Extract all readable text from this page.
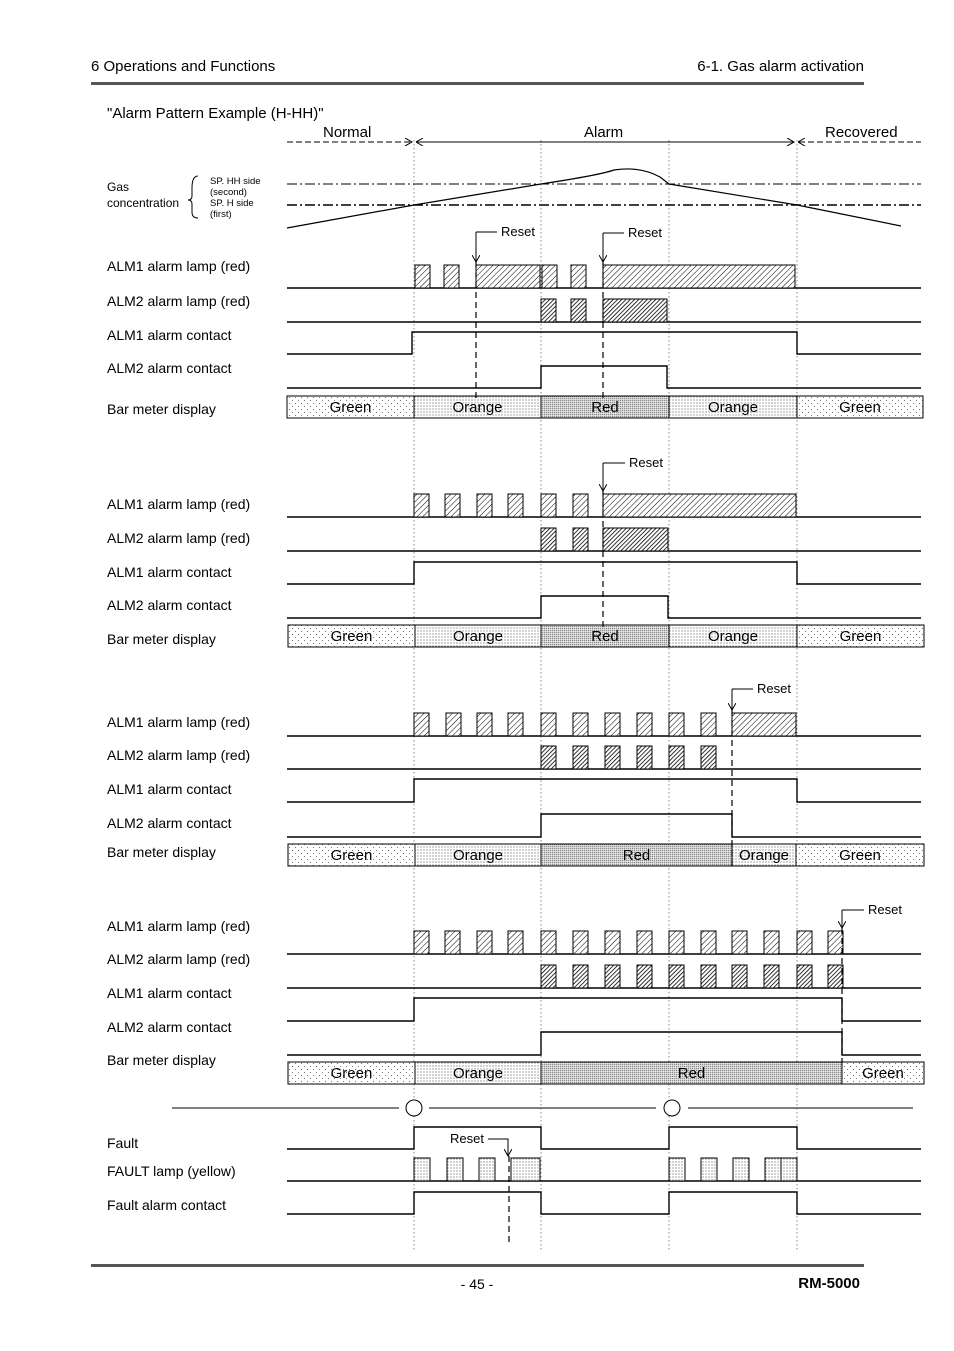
6 Operations and Functions	6-1. Gas alarm activation
"Alarm Pattern Example (H-HH)"
Normal	Alarm	Recovered
Gas
concentration
SP. HH side
(second)
SP. H side
(first)
ALM1 alarm lamp (red)
ALM2 alarm lamp (red)
ALM1 alarm contact
ALM2 alarm contact
Bar meter display
ALM1 alarm lamp (red)
ALM2 alarm lamp (red)
ALM1 alarm contact
ALM2 alarm contact
Bar meter display
ALM1 alarm lamp (red)
ALM2 alarm lamp (red)
ALM1 alarm contact
ALM2 alarm contact
Bar meter display
ALM1 alarm lamp (red)
ALM2 alarm lamp (red)
ALM1 alarm contact
ALM2 alarm contact
Bar meter display
Fault
FAULT lamp (yellow)
Fault alarm contact
Green	Orange	Red	Orange	Green
Green	Orange	Red	Orange	Green
Green	Orange	Red	Orange	Green
Green	Orange	Red	Green
Reset	Reset
Reset
Reset
Reset
Reset
- 45 -	RM-5000
